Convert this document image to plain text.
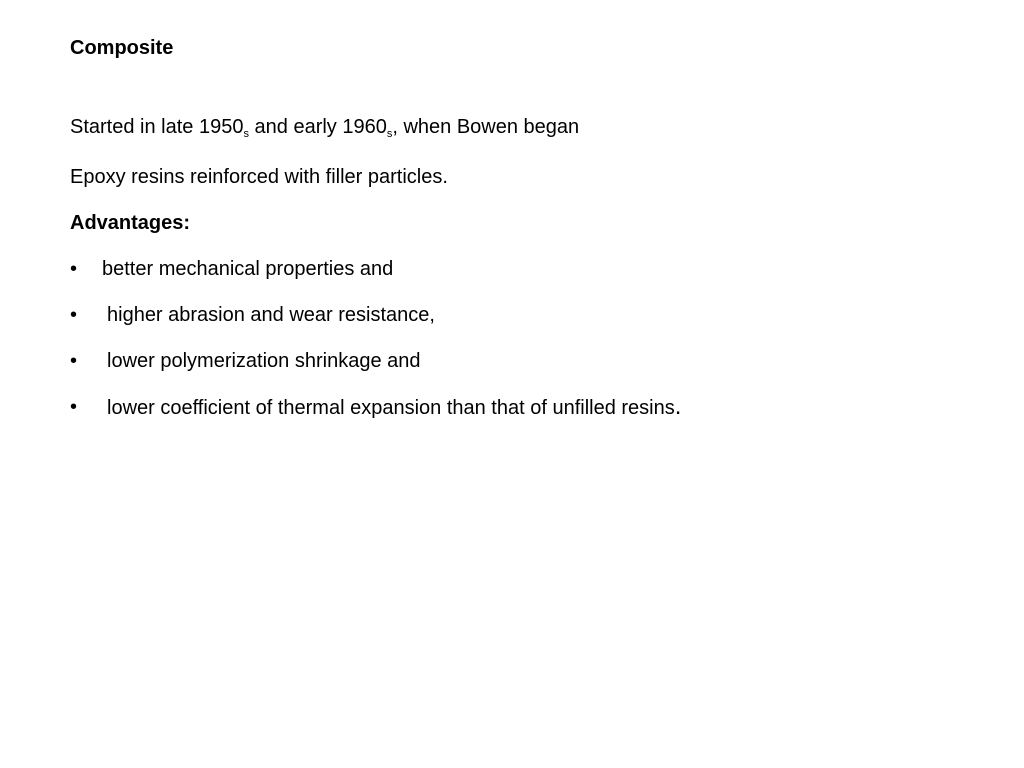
Composite
Started in late $1950_s$ and early $1960_s$, when Bowen began
Epoxy resins reinforced with filler particles.
Advantages:
•	better mechanical properties and
•	higher abrasion and wear resistance,
•	lower polymerization shrinkage and
•	lower coefficient of thermal expansion than that of unfilled resins.
